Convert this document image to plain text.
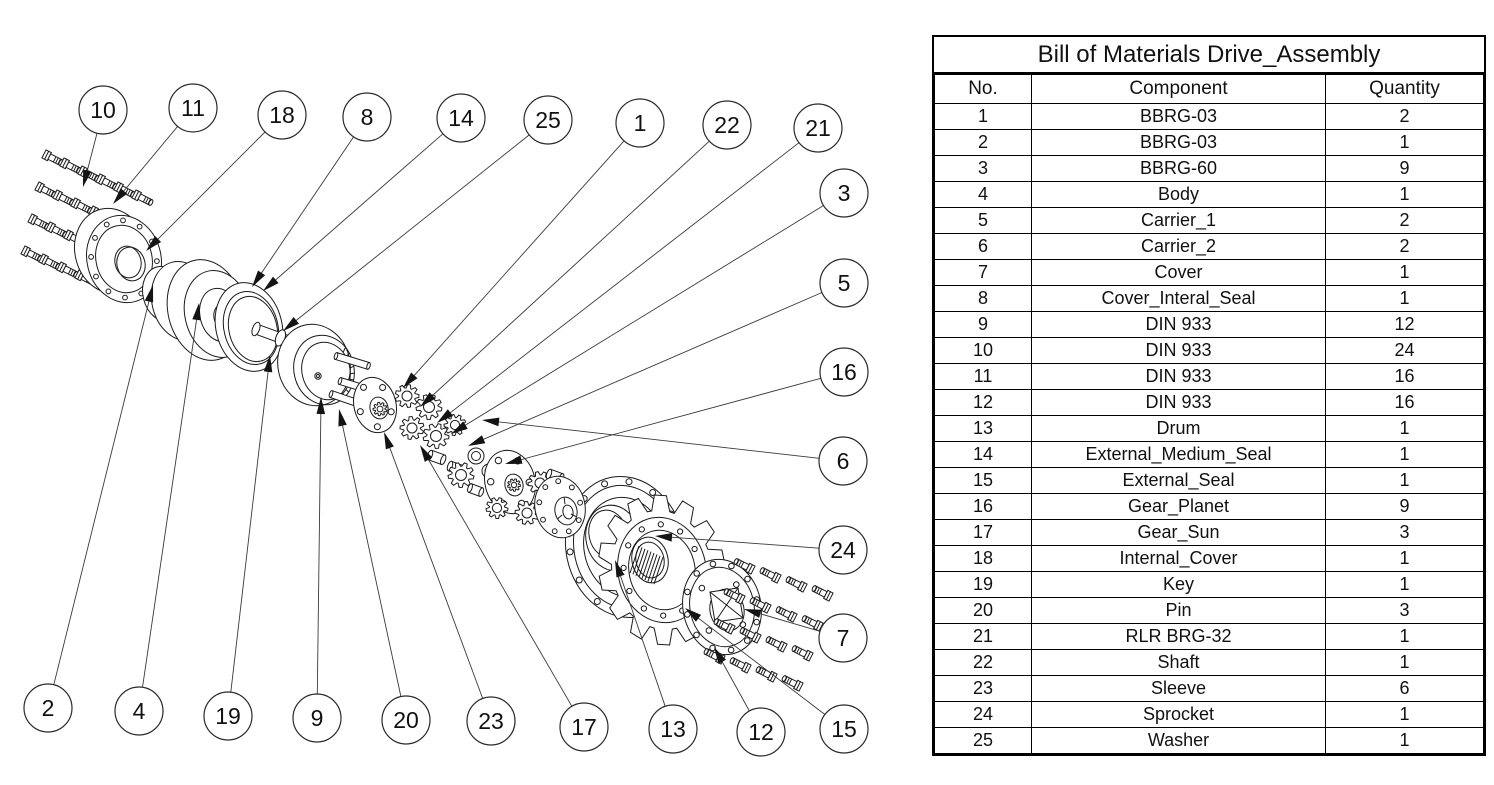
10	11	18	8	14	25	1	22	21
3
5
16
6
24
7
2	4	19	9	20	23	17	13	12 15
Bill of Materials Drive_Assembly
No.	Component	Quantity
1	BBRG-03	2
2	BBRG-03	1
3	BBRG-60	9
4	Body	1
5	Carrier_1	2
6	Carrier_2	2
7	Cover	1
8	Cover_Interal_Seal	1
9	DIN 933	12
10	DIN 933	24
11	DIN 933	16
12	DIN 933	16
13	Drum	1
14	External_Medium_Seal	1
15	External_Seal	1
16	Gear_Planet	9
17	Gear_Sun	3
18	Internal_Cover	1
19	Key	1
20	Pin	3
21	RLR BRG-32	1
22	Shaft	1
23	Sleeve	6
24	Sprocket	1
25	Washer	1
